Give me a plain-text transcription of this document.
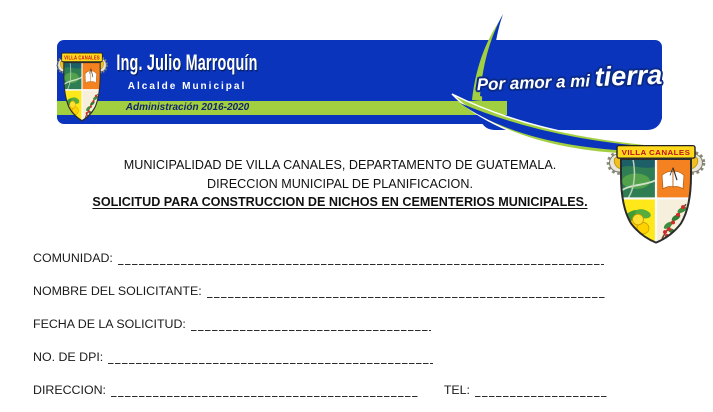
VILLA CANALES
Ing. Julio Marroquín
Alcalde Municipal
Administración 2016-2020
Por amor a mi tierra
MUNICIPALIDAD DE VILLA CANALES, DEPARTAMENTO DE GUATEMALA.
DIRECCION MUNICIPAL DE PLANIFICACION.
SOLICITUD PARA CONSTRUCCION DE NICHOS EN CEMENTERIOS MUNICIPALES.
COMUNIDAD:
NOMBRE DEL SOLICITANTE:
FECHA DE LA SOLICITUD:
NO. DE DPI:
DIRECCION:	TEL:
